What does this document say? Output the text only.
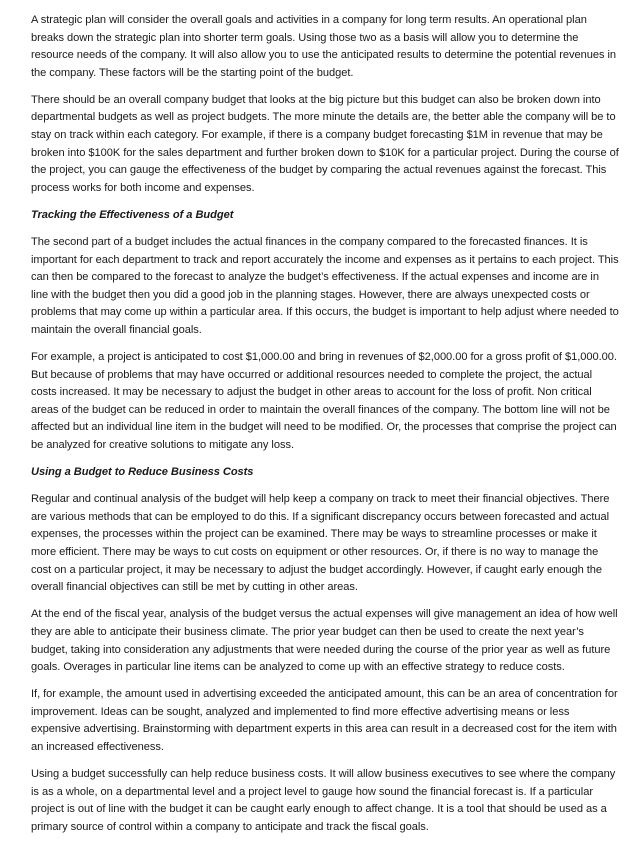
A strategic plan will consider the overall goals and activities in a company for long term results. An operational plan breaks down the strategic plan into shorter term goals. Using those two as a basis will allow you to determine the resource needs of the company. It will also allow you to use the anticipated results to determine the potential revenues in the company. These factors will be the starting point of the budget.

There should be an overall company budget that looks at the big picture but this budget can also be broken down into departmental budgets as well as project budgets. The more minute the details are, the better able the company will be to stay on track within each category. For example, if there is a company budget forecasting $1M in revenue that may be broken into $100K for the sales department and further broken down to $10K for a particular project. During the course of the project, you can gauge the effectiveness of the budget by comparing the actual revenues against the forecast. This process works for both income and expenses.

Tracking the Effectiveness of a Budget

The second part of a budget includes the actual finances in the company compared to the forecasted finances. It is important for each department to track and report accurately the income and expenses as it pertains to each project. This can then be compared to the forecast to analyze the budget’s effectiveness. If the actual expenses and income are in line with the budget then you did a good job in the planning stages. However, there are always unexpected costs or problems that may come up within a particular area. If this occurs, the budget is important to help adjust where needed to maintain the overall financial goals.

For example, a project is anticipated to cost $1,000.00 and bring in revenues of $2,000.00 for a gross profit of $1,000.00. But because of problems that may have occurred or additional resources needed to complete the project, the actual costs increased. It may be necessary to adjust the budget in other areas to account for the loss of profit. Non critical areas of the budget can be reduced in order to maintain the overall finances of the company. The bottom line will not be affected but an individual line item in the budget will need to be modified. Or, the processes that comprise the project can be analyzed for creative solutions to mitigate any loss.

Using a Budget to Reduce Business Costs

Regular and continual analysis of the budget will help keep a company on track to meet their financial objectives. There are various methods that can be employed to do this. If a significant discrepancy occurs between forecasted and actual expenses, the processes within the project can be examined. There may be ways to streamline processes or make it more efficient. There may be ways to cut costs on equipment or other resources. Or, if there is no way to manage the cost on a particular project, it may be necessary to adjust the budget accordingly. However, if caught early enough the overall financial objectives can still be met by cutting in other areas.

At the end of the fiscal year, analysis of the budget versus the actual expenses will give management an idea of how well they are able to anticipate their business climate. The prior year budget can then be used to create the next year’s budget, taking into consideration any adjustments that were needed during the course of the prior year as well as future goals. Overages in particular line items can be analyzed to come up with an effective strategy to reduce costs.

If, for example, the amount used in advertising exceeded the anticipated amount, this can be an area of concentration for improvement. Ideas can be sought, analyzed and implemented to find more effective advertising means or less expensive advertising. Brainstorming with department experts in this area can result in a decreased cost for the item with an increased effectiveness.

Using a budget successfully can help reduce business costs. It will allow business executives to see where the company is as a whole, on a departmental level and a project level to gauge how sound the financial forecast is. If a particular project is out of line with the budget it can be caught early enough to affect change. It is a tool that should be used as a primary source of control within a company to anticipate and track the fiscal goals.
